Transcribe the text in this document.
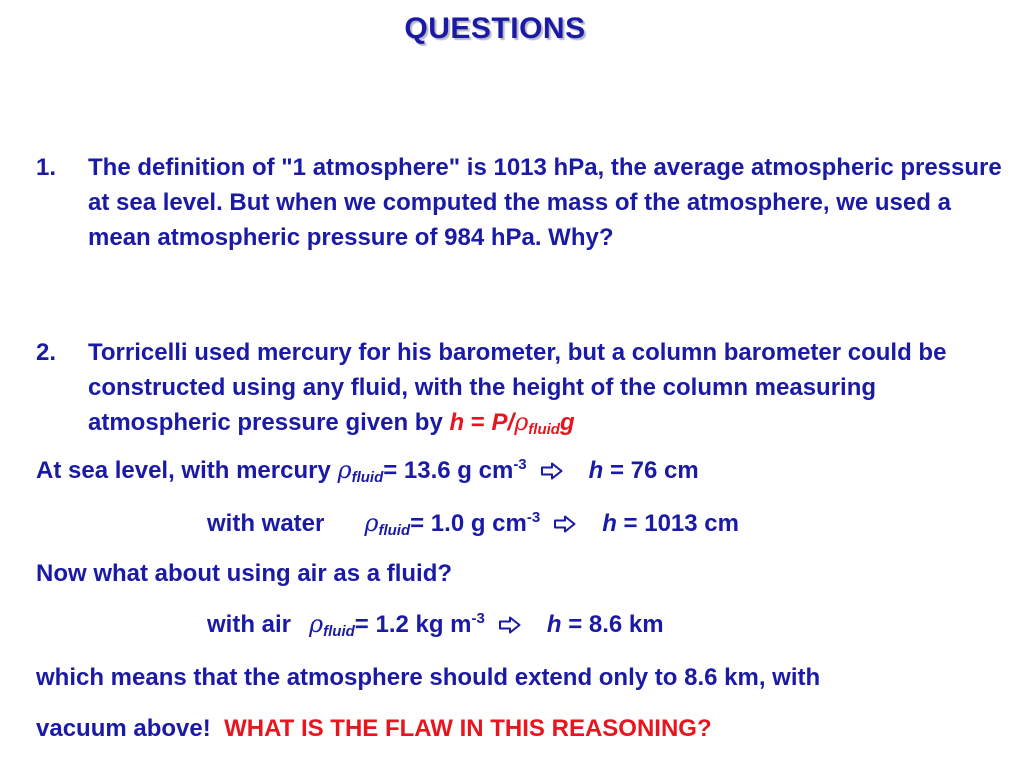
QUESTIONS
1. The definition of "1 atmosphere" is 1013 hPa, the average atmospheric pressure at sea level. But when we computed the mass of the atmosphere, we used a mean atmospheric pressure of 984 hPa. Why?
2. Torricelli used mercury for his barometer, but a column barometer could be constructed using any fluid, with the height of the column measuring atmospheric pressure given by $h = P/\rho_{fluid}g$
At sea level, with mercury $\rho_{fluid}= 13.6$ g $cm^{-3}$	h = 76 cm
with water $\rho_{fluid}= 1.0$ g $cm^{-3}$	h = 1013 cm
Now what about using air as a fluid?
with air $\rho_{fluid}= 1.2$ kg $m^{-3}$	h = 8.6 km
which means that the atmosphere should extend only to 8.6 km, with
vacuum above! WHAT IS THE FLAW IN THIS REASONING?
